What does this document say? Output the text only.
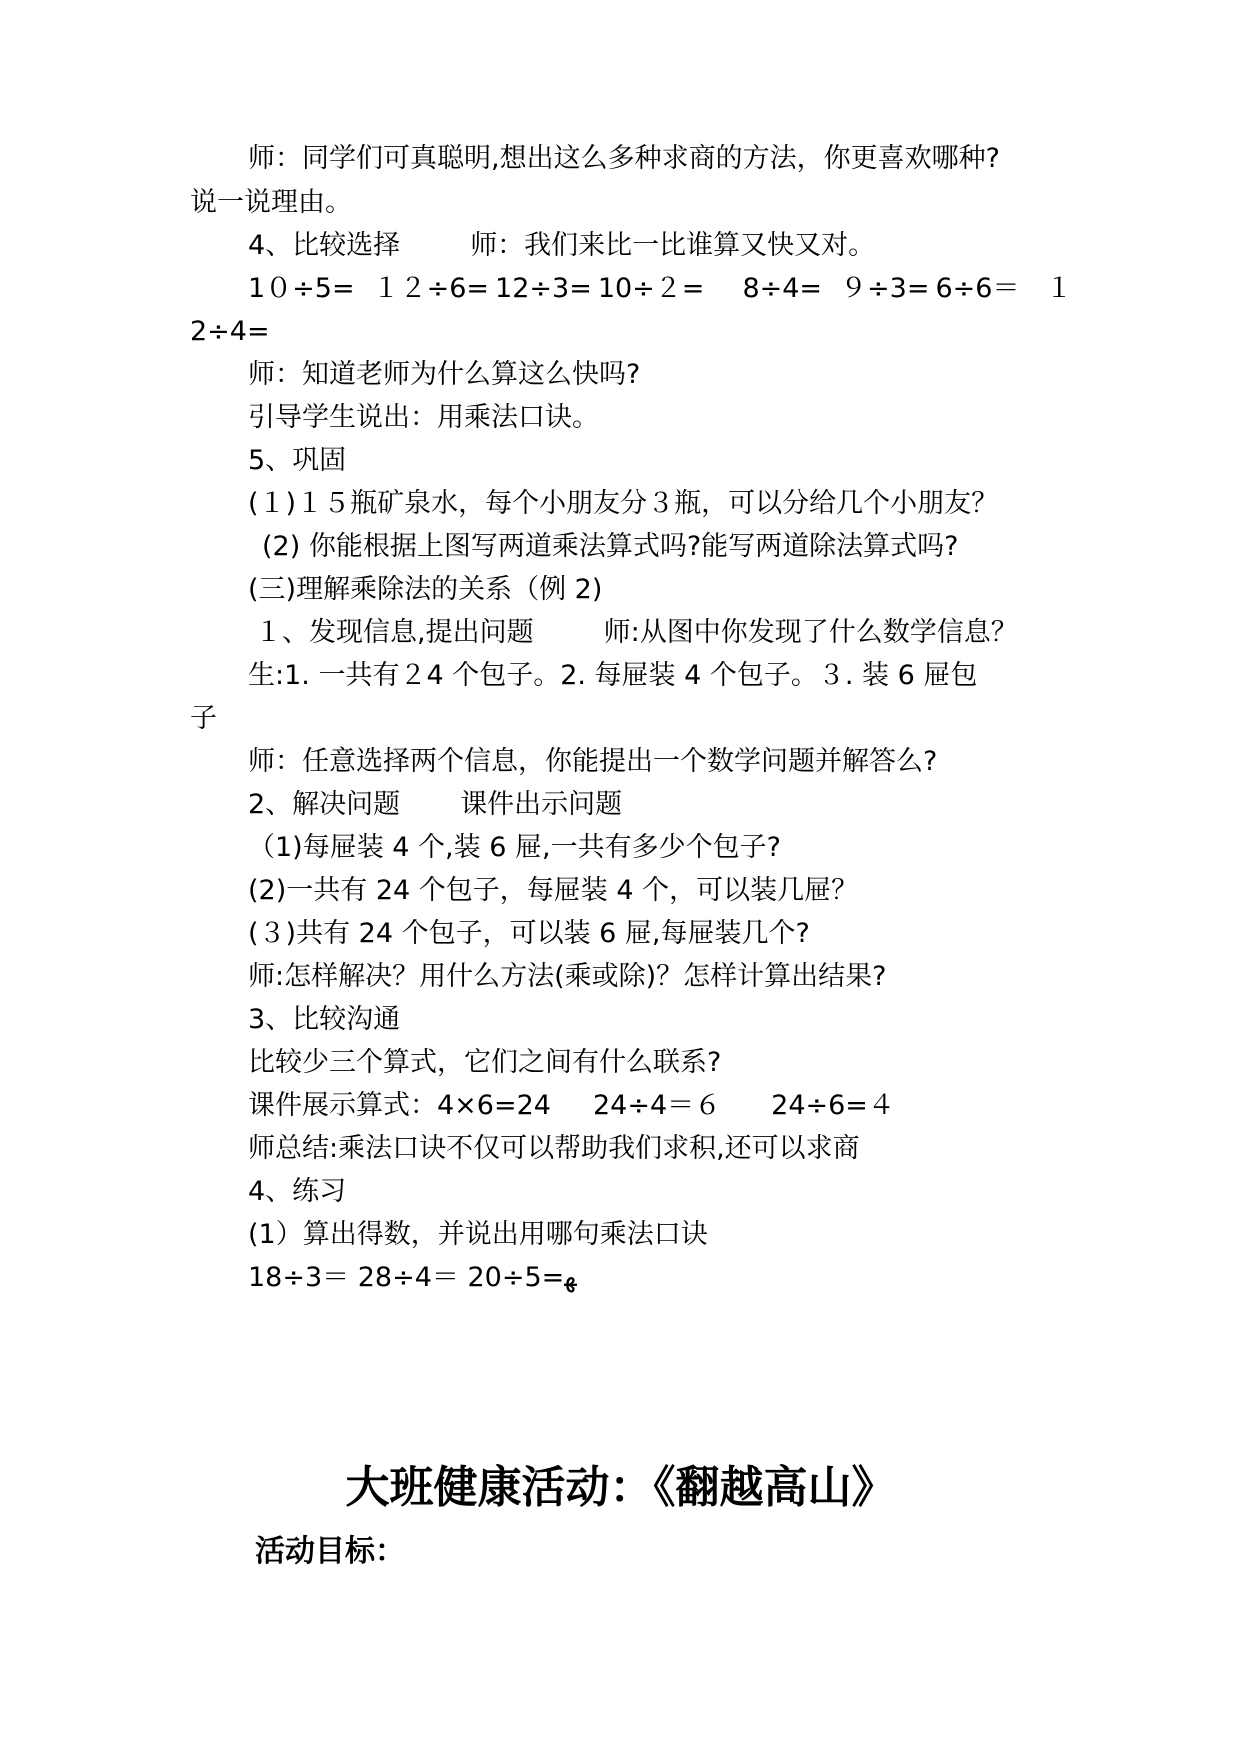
师：同学们可真聪明,想出这么多种求商的方法，你更喜欢哪种?
说一说理由。
4、比较选择	师：我们来比一比谁算又快又对。
1０÷5= １２÷6= 12÷3= 10÷２= 8÷4= ９÷3= 6÷6＝ １
2÷4=
师：知道老师为什么算这么快吗?
引导学生说出：用乘法口诀。
5、巩固
(１)１５瓶矿泉水，每个小朋友分３瓶，可以分给几个小朋友？
(2) 你能根据上图写两道乘法算式吗?能写两道除法算式吗?
(三)理解乘除法的关系（例 2)
１、发现信息,提出问题	师:从图中你发现了什么数学信息？
生:1. 一共有２4 个包子。2. 每屉装 4 个包子。３. 装 6 屉包
子
师：任意选择两个信息，你能提出一个数学问题并解答么?
2、解决问题 课件出示问题
（1)每屉装 4 个,装 6 屉,一共有多少个包子?
(2)一共有 24 个包子，每屉装 4 个，可以装几屉？
(３)共有 24 个包子，可以装 6 屉,每屉装几个?
师:怎样解决？用什么方法(乘或除)？怎样计算出结果?
3、比较沟通
比较少三个算式，它们之间有什么联系?
课件展示算式：4×6=24 24÷4＝６ 24÷6=４
师总结:乘法口诀不仅可以帮助我们求积,还可以求商
4、练习
(1）算出得数，并说出用哪句乘法口诀
18÷3＝ 28÷4＝ 20÷5=ﻬ
大班健康活动：《翻越高山》
活动目标：
